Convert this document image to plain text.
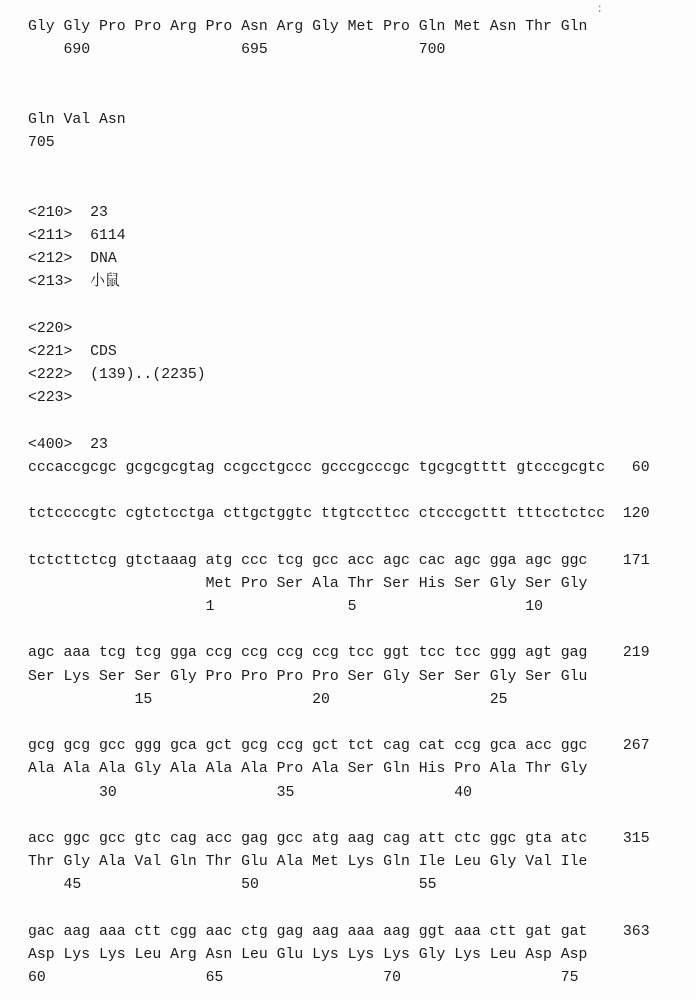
:
Gly Gly Pro Pro Arg Pro Asn Arg Gly Met Pro Gln Met Asn Thr Gln
690                 695                 700
Gln Val Asn
705
<210>  23
<211>  6114
<212>  DNA
<213>  小鼠
<220>
<221>  CDS
<222>  (139)..(2235)
<223>
<400>  23
cccaccgcgc gcgcgcgtag ccgcctgccc gcccgcccgc tgcgcgtttt gtcccgcgtc   60
tctccccgtc cgtctcctga cttgctggtc ttgtccttcc ctcccgcttt tttcctctcc  120
tctcttctcg gtctaaag atg ccc tcg gcc acc agc cac agc gga agc ggc    171
Met Pro Ser Ala Thr Ser His Ser Gly Ser Gly
1               5                   10
agc aaa tcg tcg gga ccg ccg ccg ccg tcc ggt tcc tcc ggg agt gag    219
Ser Lys Ser Ser Gly Pro Pro Pro Pro Ser Gly Ser Ser Gly Ser Glu
15                  20                  25
gcg gcg gcc ggg gca gct gcg ccg gct tct cag cat ccg gca acc ggc    267
Ala Ala Ala Gly Ala Ala Ala Pro Ala Ser Gln His Pro Ala Thr Gly
30                  35                  40
acc ggc gcc gtc cag acc gag gcc atg aag cag att ctc ggc gta atc    315
Thr Gly Ala Val Gln Thr Glu Ala Met Lys Gln Ile Leu Gly Val Ile
45                  50                  55
gac aag aaa ctt cgg aac ctg gag aag aaa aag ggt aaa ctt gat gat    363
Asp Lys Lys Leu Arg Asn Leu Glu Lys Lys Lys Gly Lys Leu Asp Asp
60                  65                  70                  75
